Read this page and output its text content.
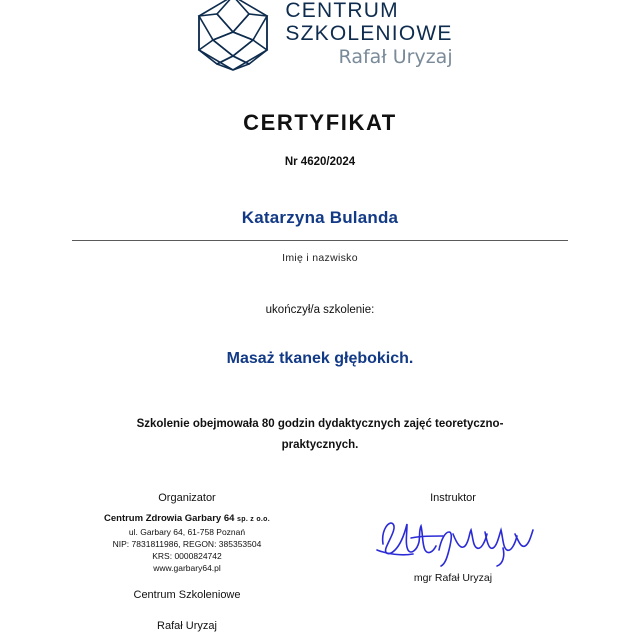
CENTRUM
SZKOLENIOWE
Rafał Uryzaj
CERTYFIKAT
Nr 4620/2024
Katarzyna Bulanda
Imię i nazwisko
ukończył/a szkolenie:
Masaż tkanek głębokich.
Szkolenie obejmowała 80 godzin dydaktycznych zajęć teoretyczno-
praktycznych.
Organizator
Centrum Zdrowia Garbary 64 sp. z o.o.
ul. Garbary 64, 61-758 Poznań
NIP: 7831811986, REGON: 385353504
KRS: 0000824742
www.garbary64.pl
Centrum Szkoleniowe
Rafał Uryzaj
Instruktor
mgr Rafał Uryzaj
